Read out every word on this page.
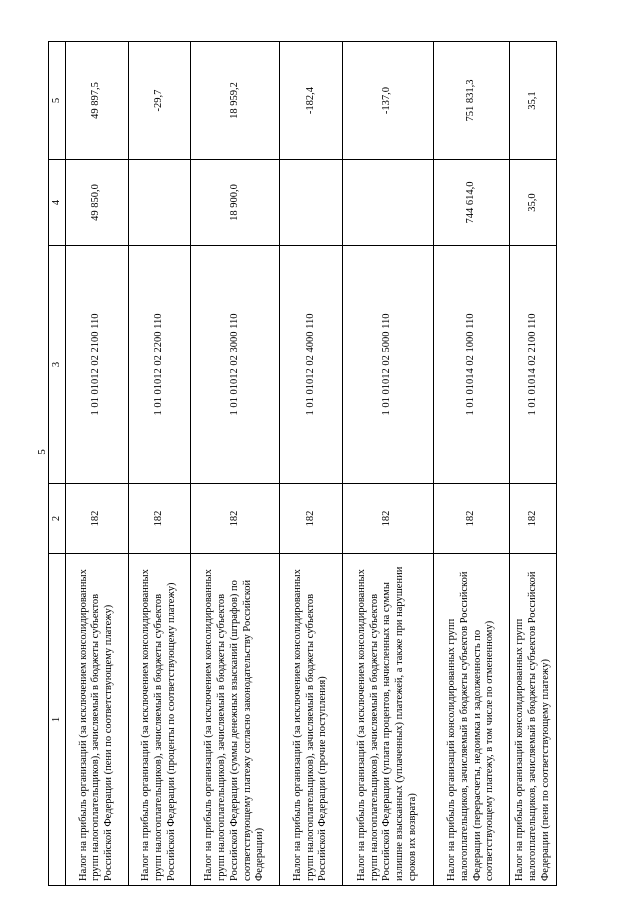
5
1	2	3	4	5
Налог на прибыль организаций (за исключением консолидированных групп налогоплательщиков), зачисляемый в бюджеты субъектов Российской Федерации (пени по соответствующему платежу)	182	1 01 01012 02 2100 110	49 850,0	49 897,5
Налог на прибыль организаций (за исключением консолидированных групп налогоплательщиков), зачисляемый в бюджеты субъектов Российской Федерации (проценты по соответствующему платежу)	182	1 01 01012 02 2200 110		-29,7
Налог на прибыль организаций (за исключением консолидированных групп налогоплательщиков), зачисляемый в бюджеты субъектов Российской Федерации (суммы денежных взысканий (штрафов) по соответствующему платежу согласно законодательству Российской Федерации)	182	1 01 01012 02 3000 110	18 900,0	18 959,2
Налог на прибыль организаций (за исключением консолидированных групп налогоплательщиков), зачисляемый в бюджеты субъектов Российской Федерации (прочие поступления)	182	1 01 01012 02 4000 110		-182,4
Налог на прибыль организаций (за исключением консолидированных групп налогоплательщиков), зачисляемый в бюджеты субъектов Российской Федерации (уплата процентов, начисленных на суммы излишне взысканных (уплаченных) платежей, а также при нарушении сроков их возврата)	182	1 01 01012 02 5000 110		-137,0
Налог на прибыль организаций консолидированных групп налогоплательщиков, зачисляемый в бюджеты субъектов Российской Федерации (перерасчеты, недоимка и задолженность по соответствующему платежу, в том числе по отмененному)	182	1 01 01014 02 1000 110	744 614,0	751 831,3
Налог на прибыль организаций консолидированных групп налогоплательщиков, зачисляемый в бюджеты субъектов Российской Федерации (пени по соответствующему платежу)	182	1 01 01014 02 2100 110	35,0	35,1
